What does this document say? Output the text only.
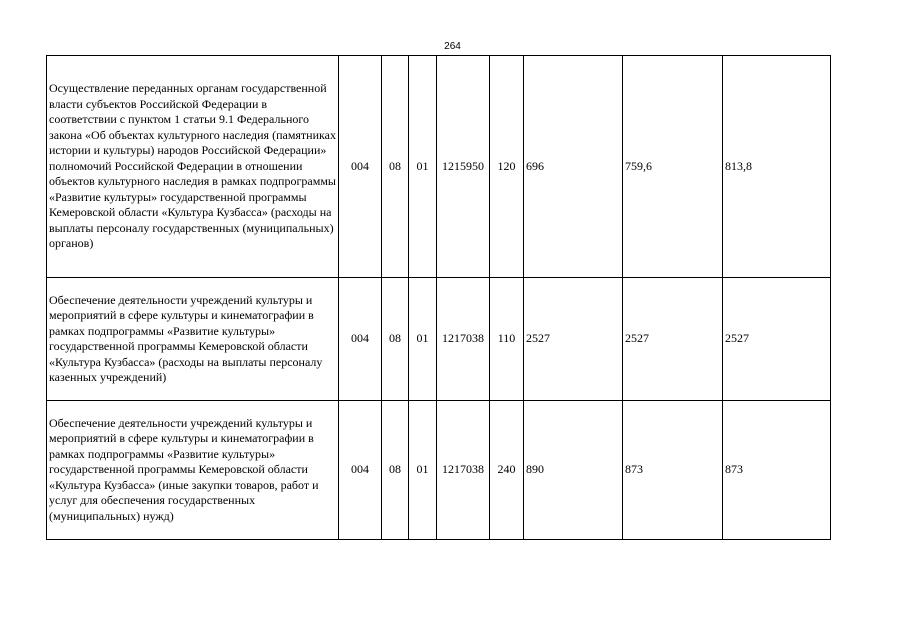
264
Осуществление переданных органам государственной власти субъектов Российской Федерации в соответствии с пунктом 1 статьи 9.1 Федерального закона «Об объектах культурного наследия (памятниках истории и культуры) народов Российской Федерации» полномочий Российской Федерации в отношении объектов культурного наследия в рамках подпрограммы «Развитие культуры» государственной программы Кемеровской области «Культура Кузбасса» (расходы на выплаты персоналу государственных (муниципальных) органов)	004	08	01	1215950	120	696	759,6	813,8
Обеспечение деятельности учреждений культуры и мероприятий в сфере культуры и кинематографии в рамках подпрограммы «Развитие культуры» государственной программы Кемеровской области «Культура Кузбасса» (расходы на выплаты персоналу казенных учреждений)	004	08	01	1217038	110	2527	2527	2527
Обеспечение деятельности учреждений культуры и мероприятий в сфере культуры и кинематографии в рамках подпрограммы «Развитие культуры» государственной программы Кемеровской области «Культура Кузбасса» (иные закупки товаров, работ и услуг для обеспечения государственных (муниципальных) нужд)	004	08	01	1217038	240	890	873	873
